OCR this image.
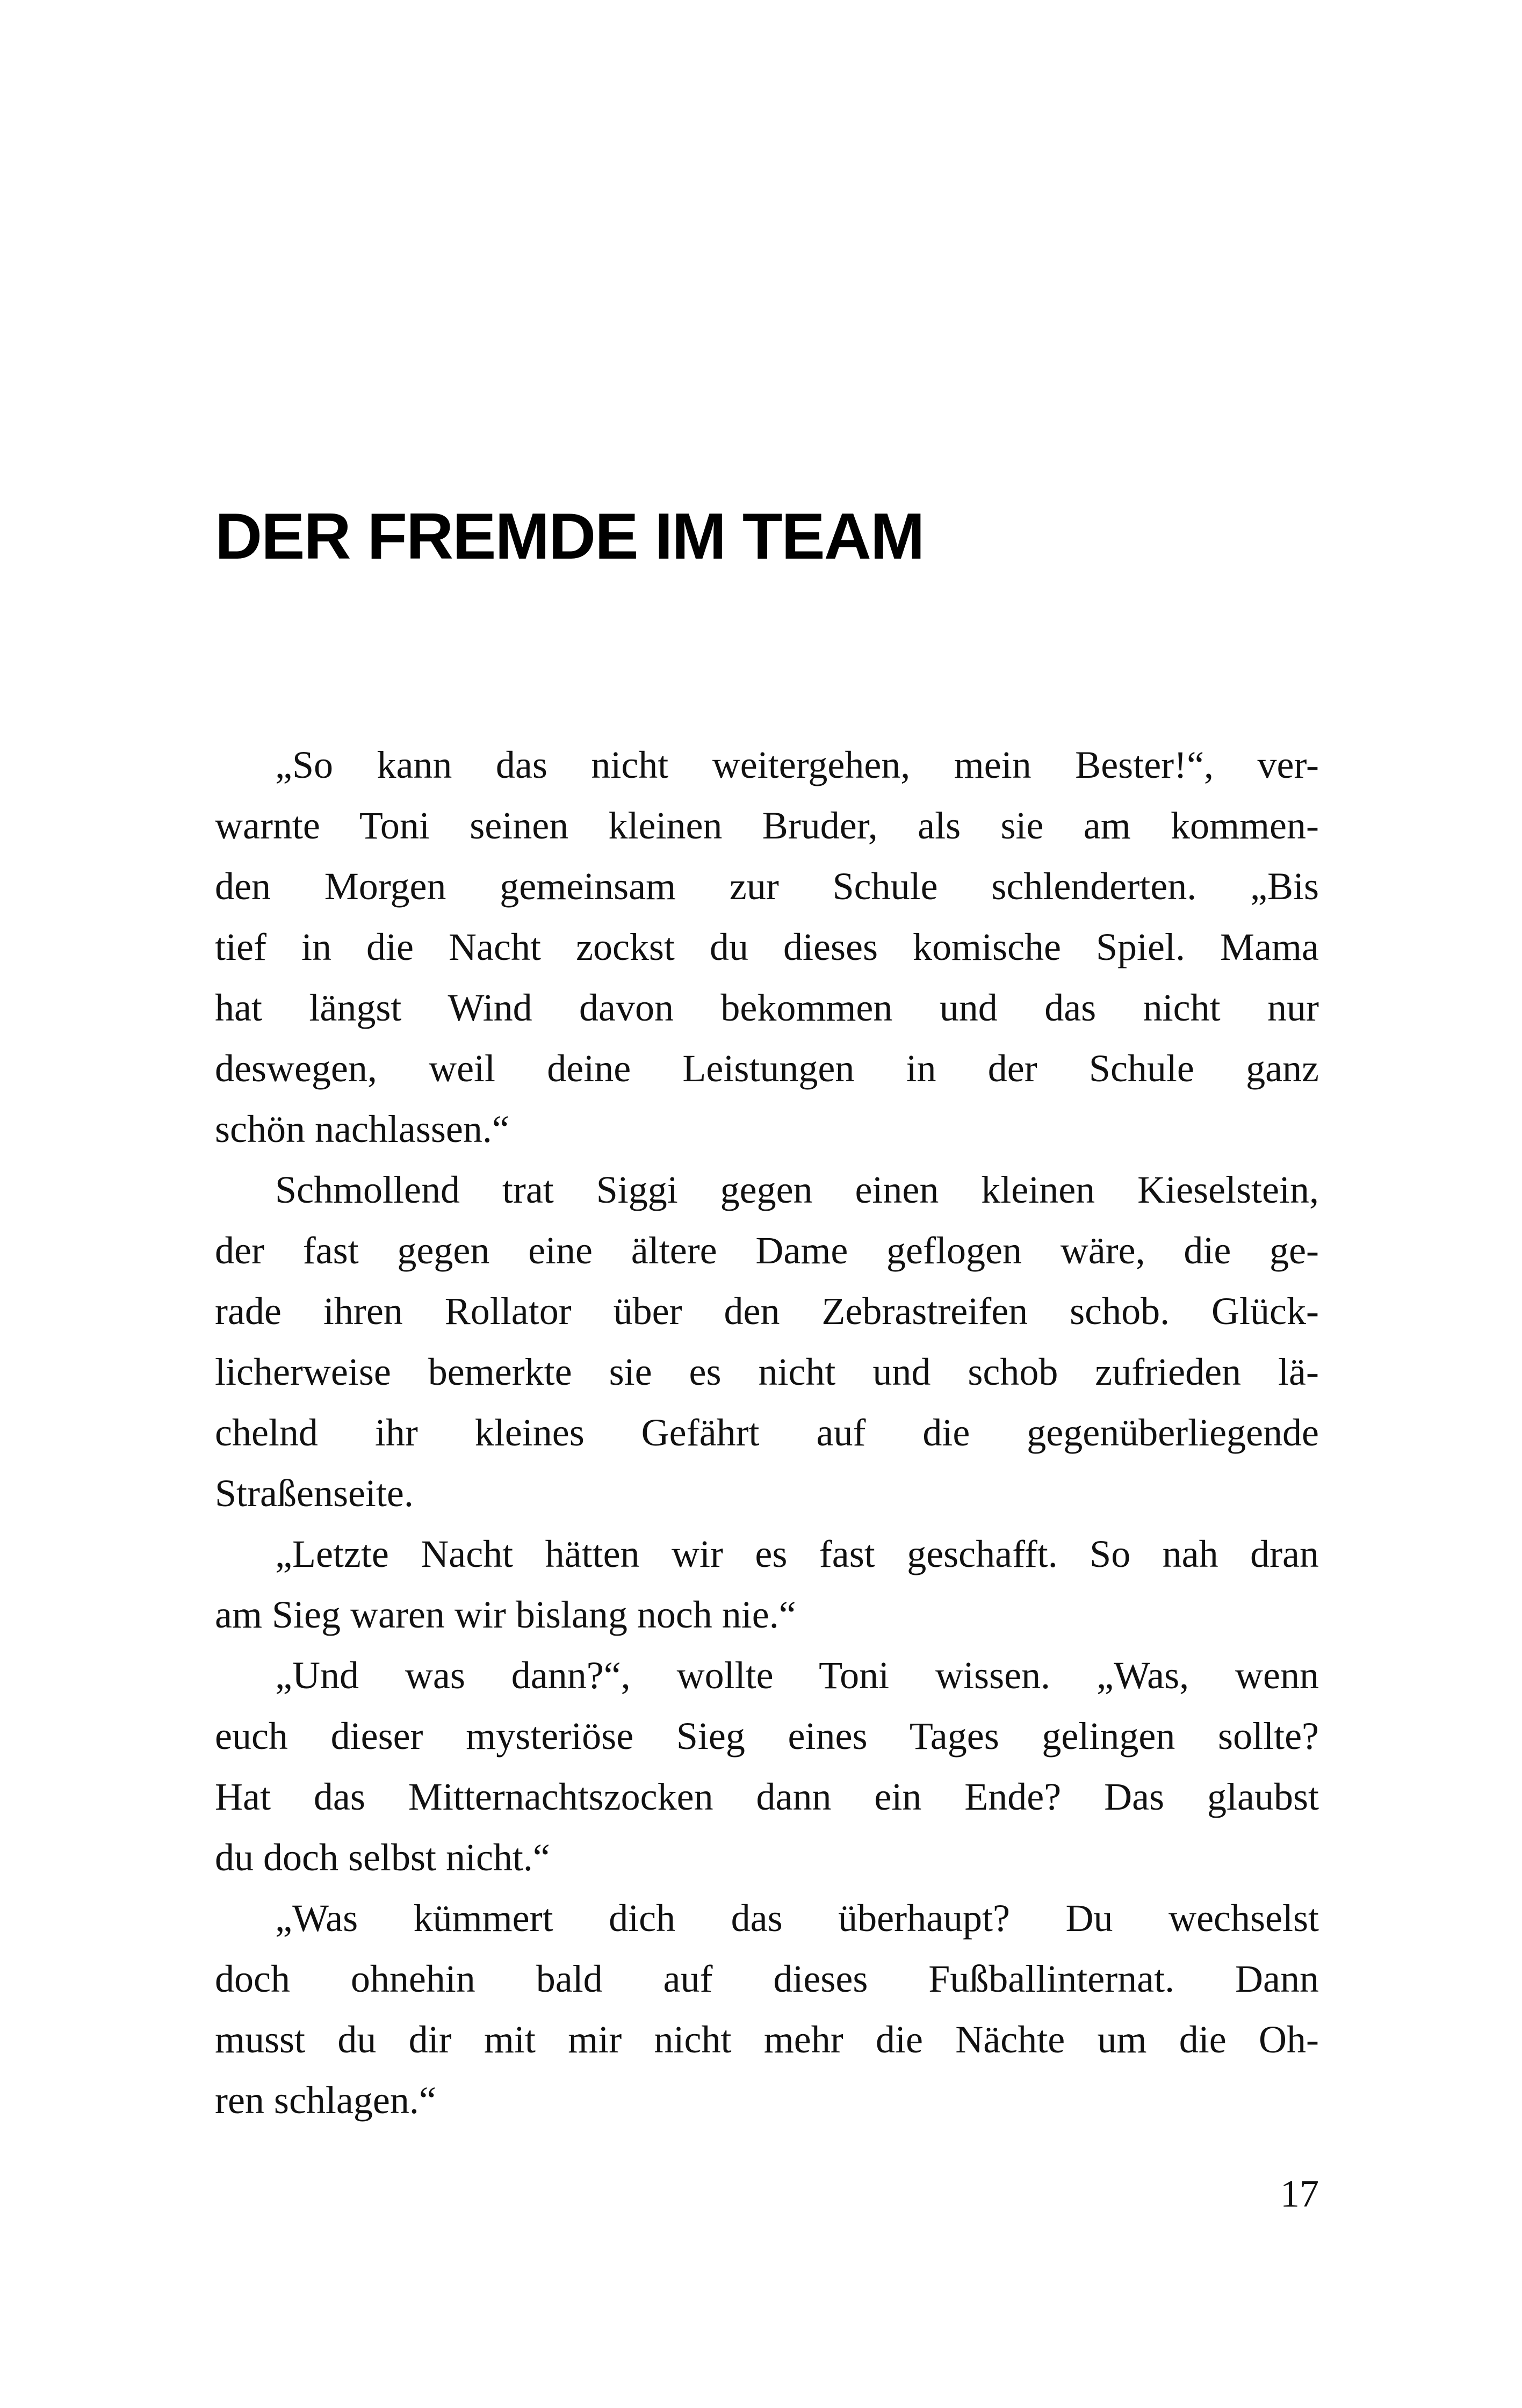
DER FREMDE IM TEAM
„So kann das nicht weitergehen, mein Bester!“, ver-
warnte Toni seinen kleinen Bruder, als sie am kommen-
den Morgen gemeinsam zur Schule schlenderten. „Bis
tief in die Nacht zockst du dieses komische Spiel. Mama
hat längst Wind davon bekommen und das nicht nur
deswegen, weil deine Leistungen in der Schule ganz
schön nachlassen.“
Schmollend trat Siggi gegen einen kleinen Kieselstein,
der fast gegen eine ältere Dame geflogen wäre, die ge-
rade ihren Rollator über den Zebrastreifen schob. Glück-
licherweise bemerkte sie es nicht und schob zufrieden lä-
chelnd ihr kleines Gefährt auf die gegenüberliegende
Straßenseite.
„Letzte Nacht hätten wir es fast geschafft. So nah dran
am Sieg waren wir bislang noch nie.“
„Und was dann?“, wollte Toni wissen. „Was, wenn
euch dieser mysteriöse Sieg eines Tages gelingen sollte?
Hat das Mitternachtszocken dann ein Ende? Das glaubst
du doch selbst nicht.“
„Was kümmert dich das überhaupt? Du wechselst
doch ohnehin bald auf dieses Fußballinternat. Dann
musst du dir mit mir nicht mehr die Nächte um die Oh-
ren schlagen.“
17
